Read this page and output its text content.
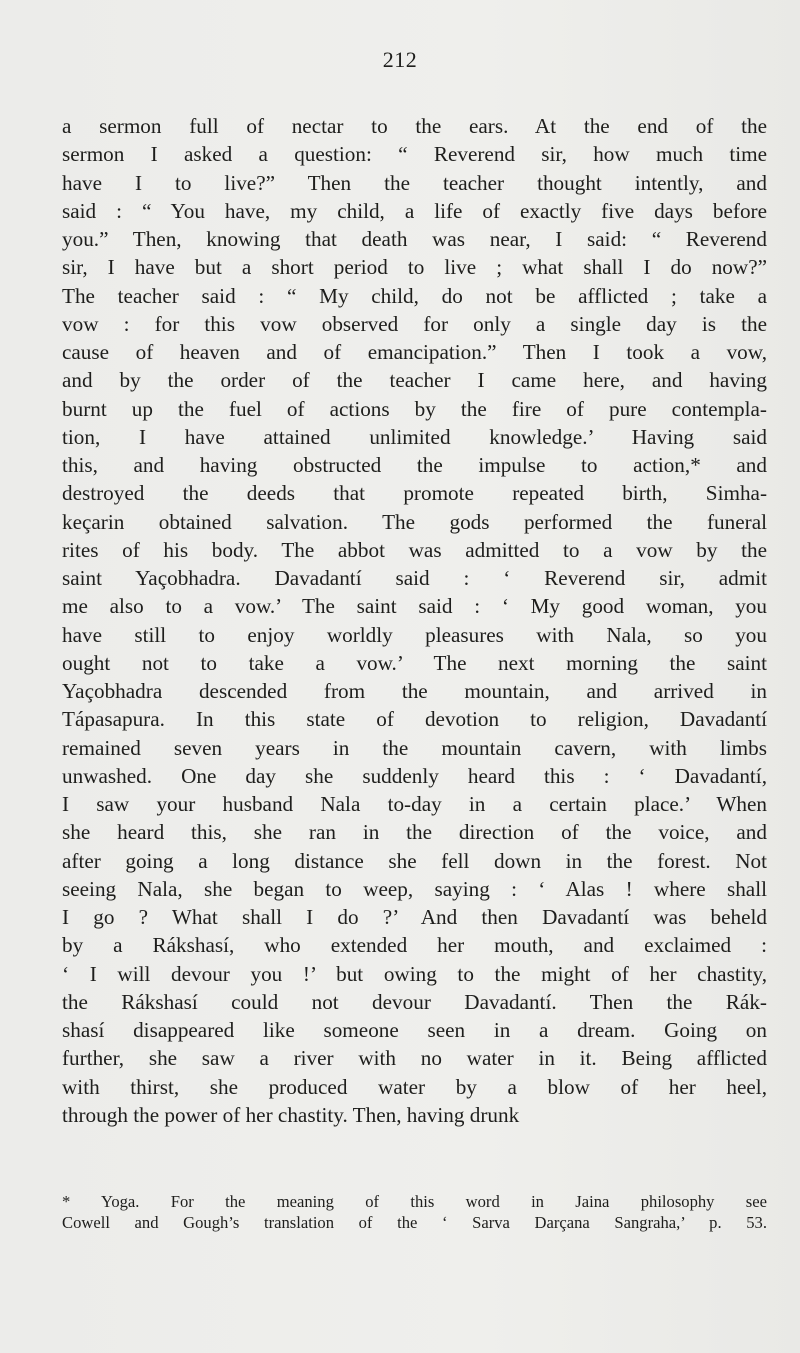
212
a sermon full of nectar to the ears. At the end of the
sermon I asked a question: “ Reverend sir, how much time
have I to live?” Then the teacher thought intently, and
said : “ You have, my child, a life of exactly five days before
you.” Then, knowing that death was near, I said: “ Reverend
sir, I have but a short period to live ; what shall I do now?”
The teacher said : “ My child, do not be afflicted ; take a
vow : for this vow observed for only a single day is the
cause of heaven and of emancipation.” Then I took a vow,
and by the order of the teacher I came here, and having
burnt up the fuel of actions by the fire of pure contempla-
tion, I have attained unlimited knowledge.’ Having said
this, and having obstructed the impulse to action,* and
destroyed the deeds that promote repeated birth, Simha-
keçarin obtained salvation. The gods performed the funeral
rites of his body. The abbot was admitted to a vow by the
saint Yaçobhadra. Davadantí said : ‘ Reverend sir, admit
me also to a vow.’ The saint said : ‘ My good woman, you
have still to enjoy worldly pleasures with Nala, so you
ought not to take a vow.’ The next morning the saint
Yaçobhadra descended from the mountain, and arrived in
Tápasapura. In this state of devotion to religion, Davadantí
remained seven years in the mountain cavern, with limbs
unwashed. One day she suddenly heard this : ‘ Davadantí,
I saw your husband Nala to-day in a certain place.’ When
she heard this, she ran in the direction of the voice, and
after going a long distance she fell down in the forest. Not
seeing Nala, she began to weep, saying : ‘ Alas ! where shall
I go ? What shall I do ?’ And then Davadantí was beheld
by a Rákshasí, who extended her mouth, and exclaimed :
‘ I will devour you !’ but owing to the might of her chastity,
the Rákshasí could not devour Davadantí. Then the Rák-
shasí disappeared like someone seen in a dream. Going on
further, she saw a river with no water in it. Being afflicted
with thirst, she produced water by a blow of her heel,
through the power of her chastity. Then, having drunk
* Yoga. For the meaning of this word in Jaina philosophy see
Cowell and Gough’s translation of the ‘ Sarva Darçana Sangraha,’ p. 53.
